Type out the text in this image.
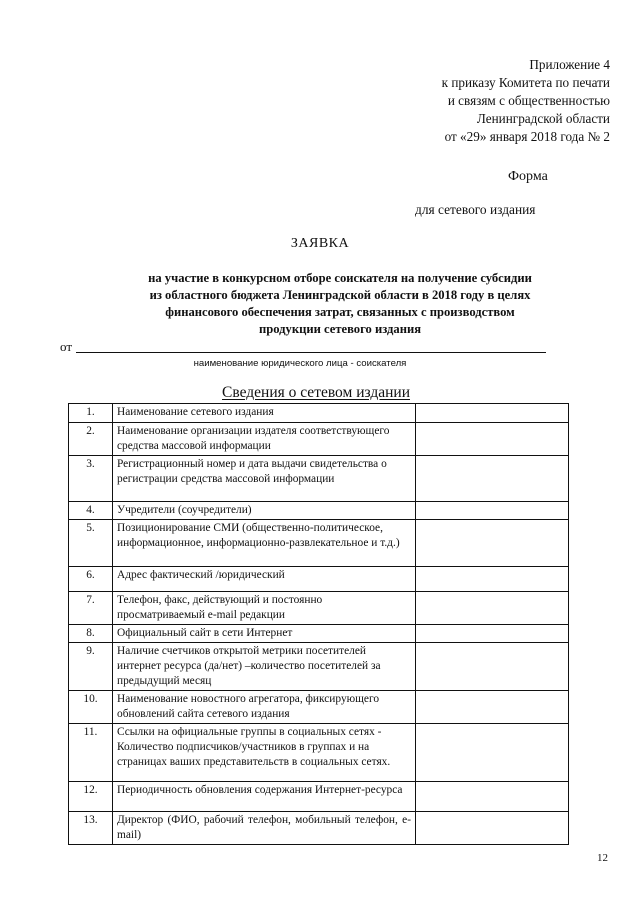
Приложение 4
к приказу Комитета по печати
и связям с общественностью
Ленинградской области
от «29» января 2018 года № 2
Форма
для сетевого издания
ЗАЯВКА
на участие в конкурсном отборе соискателя на получение субсидии
из областного бюджета Ленинградской области в 2018 году в целях
финансового обеспечения затрат, связанных с производством
продукции сетевого издания
от
наименование юридического лица - соискателя
Сведения о сетевом издании
1.	Наименование сетевого издания	
2.	Наименование организации издателя соответствующего средства массовой информации	
3.	Регистрационный номер и дата выдачи свидетельства о регистрации средства массовой информации	
4.	Учредители (соучредители)	
5.	Позиционирование СМИ (общественно-политическое, информационное, информационно-развлекательное и т.д.)	
6.	Адрес фактический /юридический	
7.	Телефон, факс, действующий и постоянно просматриваемый e-mail редакции	
8.	Официальный сайт в сети Интернет	
9.	Наличие счетчиков открытой метрики посетителей интернет ресурса (да/нет) –количество посетителей за предыдущий месяц	
10.	Наименование новостного агрегатора, фиксирующего обновлений сайта сетевого издания	
11.	Ссылки на официальные группы в социальных сетях - Количество подписчиков/участников в группах и на страницах ваших представительств в социальных сетях.	
12.	Периодичность обновления содержания Интернет-ресурса	
13.	Директор (ФИО, рабочий телефон, мобильный телефон, e-mail)	
12
